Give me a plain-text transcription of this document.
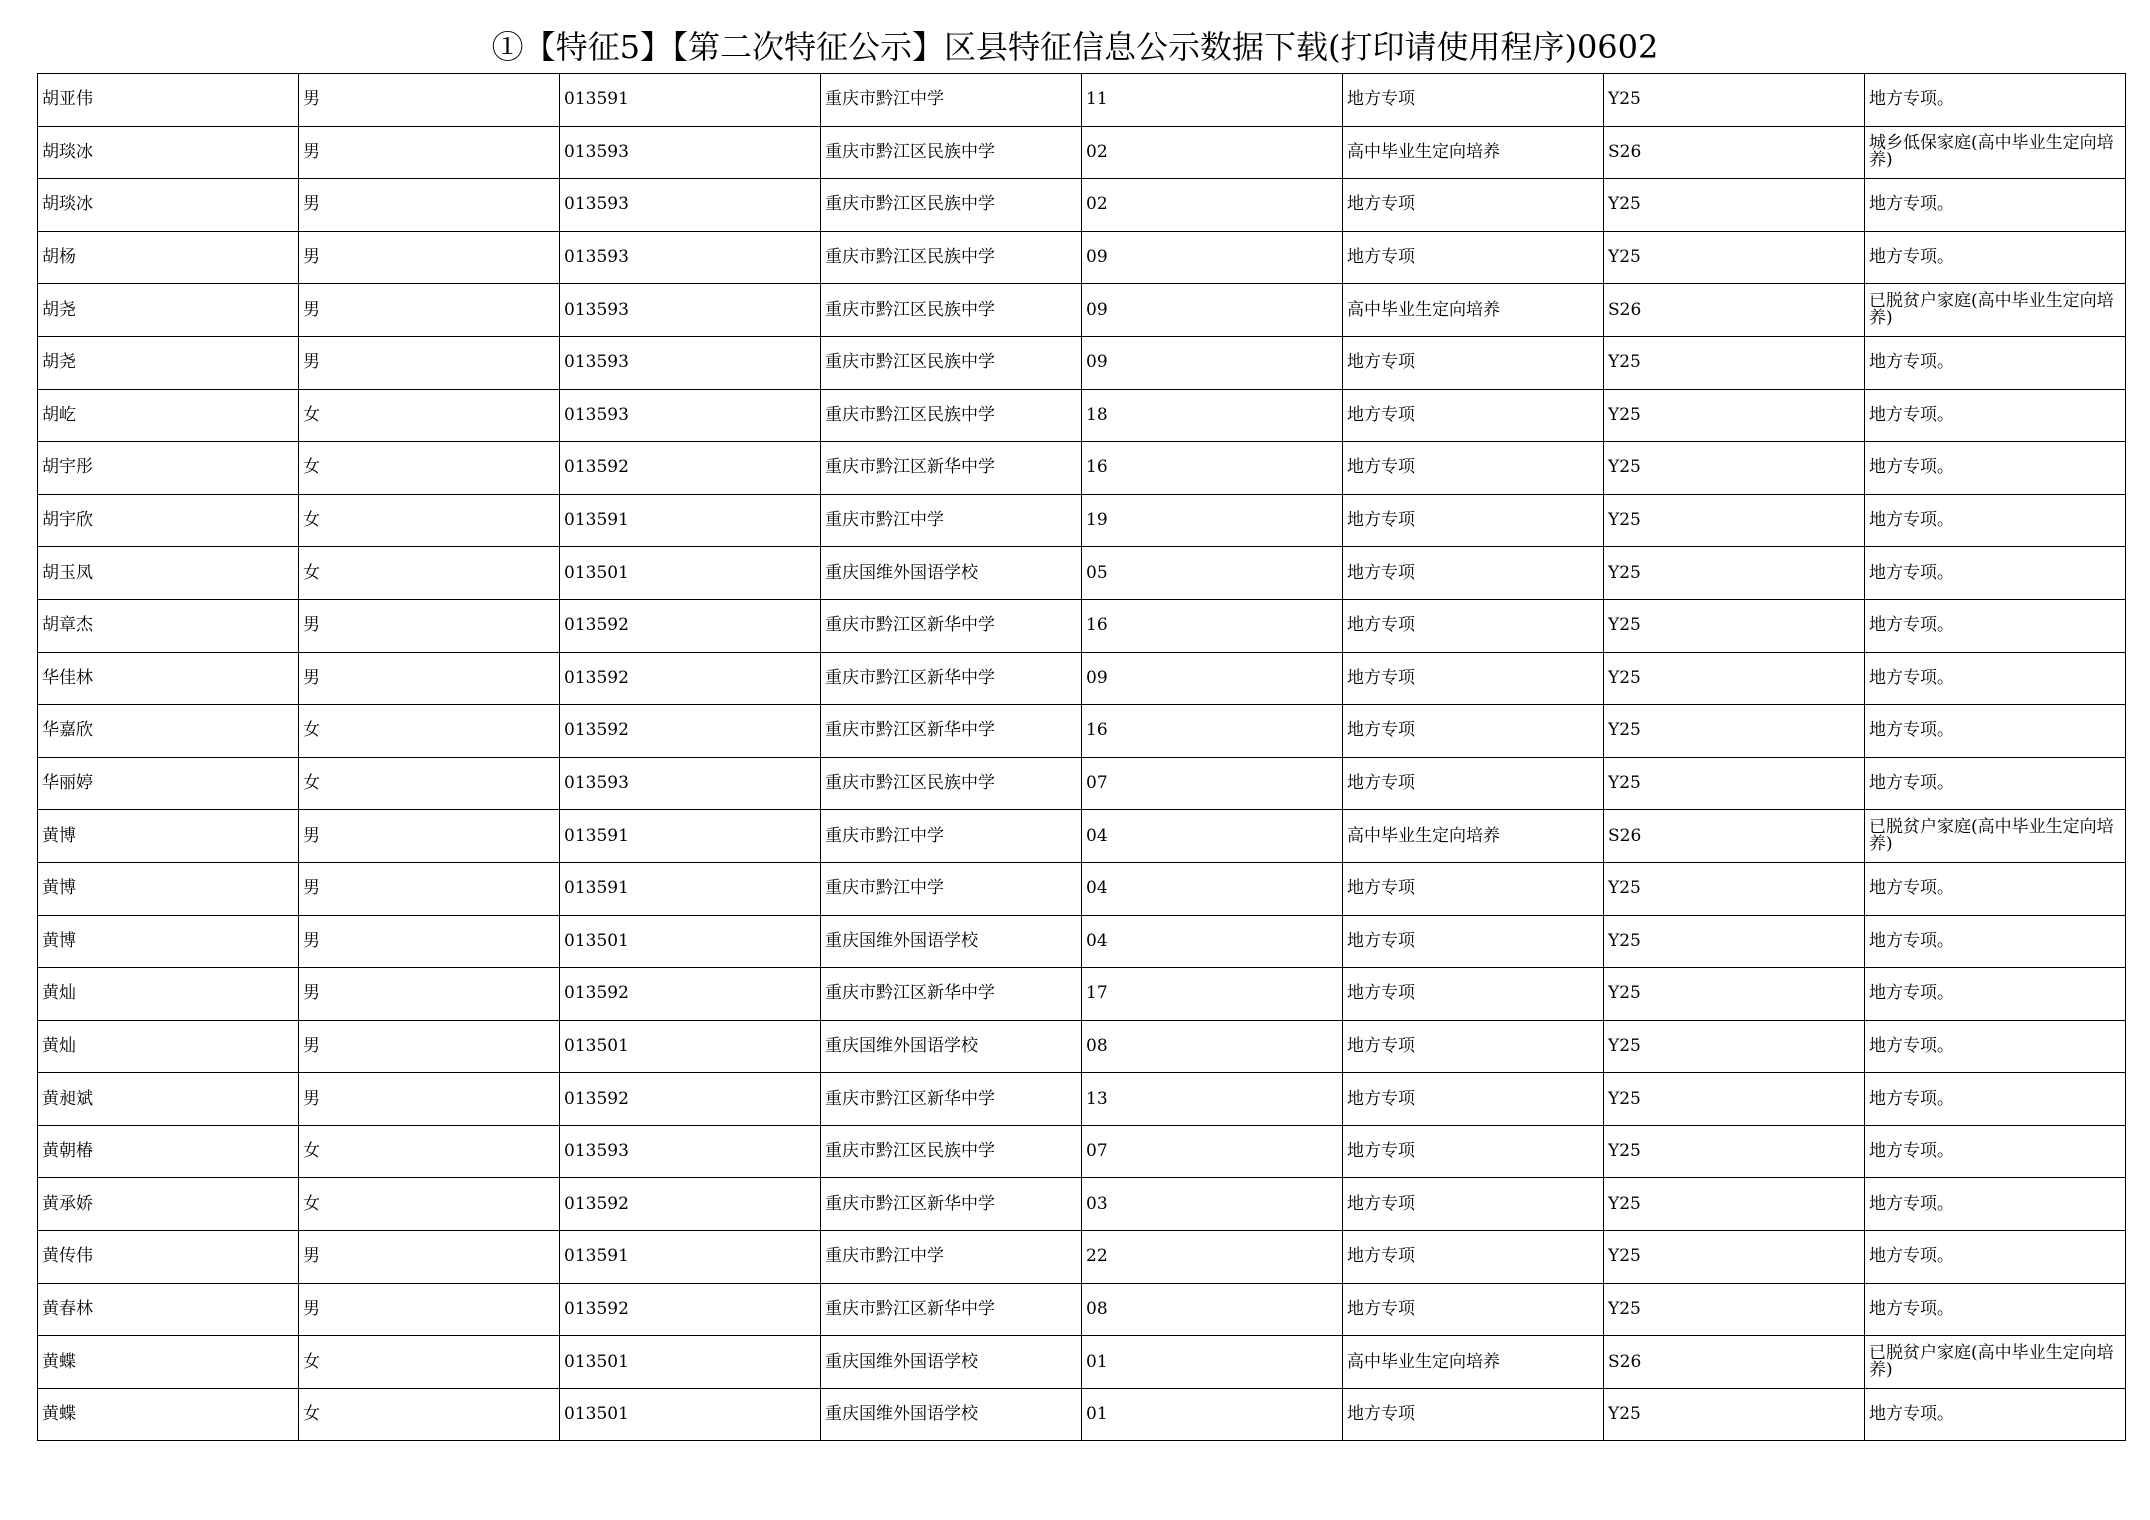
①【特征5】【第二次特征公示】区县特征信息公示数据下载(打印请使用程序)0602
胡亚伟	男	013591	重庆市黔江中学	11	地方专项	Y25	地方专项。
胡琰冰	男	013593	重庆市黔江区民族中学	02	高中毕业生定向培养	S26	城乡低保家庭(高中毕业生定向培养)
胡琰冰	男	013593	重庆市黔江区民族中学	02	地方专项	Y25	地方专项。
胡杨	男	013593	重庆市黔江区民族中学	09	地方专项	Y25	地方专项。
胡尧	男	013593	重庆市黔江区民族中学	09	高中毕业生定向培养	S26	已脱贫户家庭(高中毕业生定向培养)
胡尧	男	013593	重庆市黔江区民族中学	09	地方专项	Y25	地方专项。
胡屹	女	013593	重庆市黔江区民族中学	18	地方专项	Y25	地方专项。
胡宇彤	女	013592	重庆市黔江区新华中学	16	地方专项	Y25	地方专项。
胡宇欣	女	013591	重庆市黔江中学	19	地方专项	Y25	地方专项。
胡玉凤	女	013501	重庆国维外国语学校	05	地方专项	Y25	地方专项。
胡章杰	男	013592	重庆市黔江区新华中学	16	地方专项	Y25	地方专项。
华佳林	男	013592	重庆市黔江区新华中学	09	地方专项	Y25	地方专项。
华嘉欣	女	013592	重庆市黔江区新华中学	16	地方专项	Y25	地方专项。
华丽婷	女	013593	重庆市黔江区民族中学	07	地方专项	Y25	地方专项。
黄博	男	013591	重庆市黔江中学	04	高中毕业生定向培养	S26	已脱贫户家庭(高中毕业生定向培养)
黄博	男	013591	重庆市黔江中学	04	地方专项	Y25	地方专项。
黄博	男	013501	重庆国维外国语学校	04	地方专项	Y25	地方专项。
黄灿	男	013592	重庆市黔江区新华中学	17	地方专项	Y25	地方专项。
黄灿	男	013501	重庆国维外国语学校	08	地方专项	Y25	地方专项。
黄昶斌	男	013592	重庆市黔江区新华中学	13	地方专项	Y25	地方专项。
黄朝椿	女	013593	重庆市黔江区民族中学	07	地方专项	Y25	地方专项。
黄承娇	女	013592	重庆市黔江区新华中学	03	地方专项	Y25	地方专项。
黄传伟	男	013591	重庆市黔江中学	22	地方专项	Y25	地方专项。
黄春林	男	013592	重庆市黔江区新华中学	08	地方专项	Y25	地方专项。
黄蝶	女	013501	重庆国维外国语学校	01	高中毕业生定向培养	S26	已脱贫户家庭(高中毕业生定向培养)
黄蝶	女	013501	重庆国维外国语学校	01	地方专项	Y25	地方专项。
